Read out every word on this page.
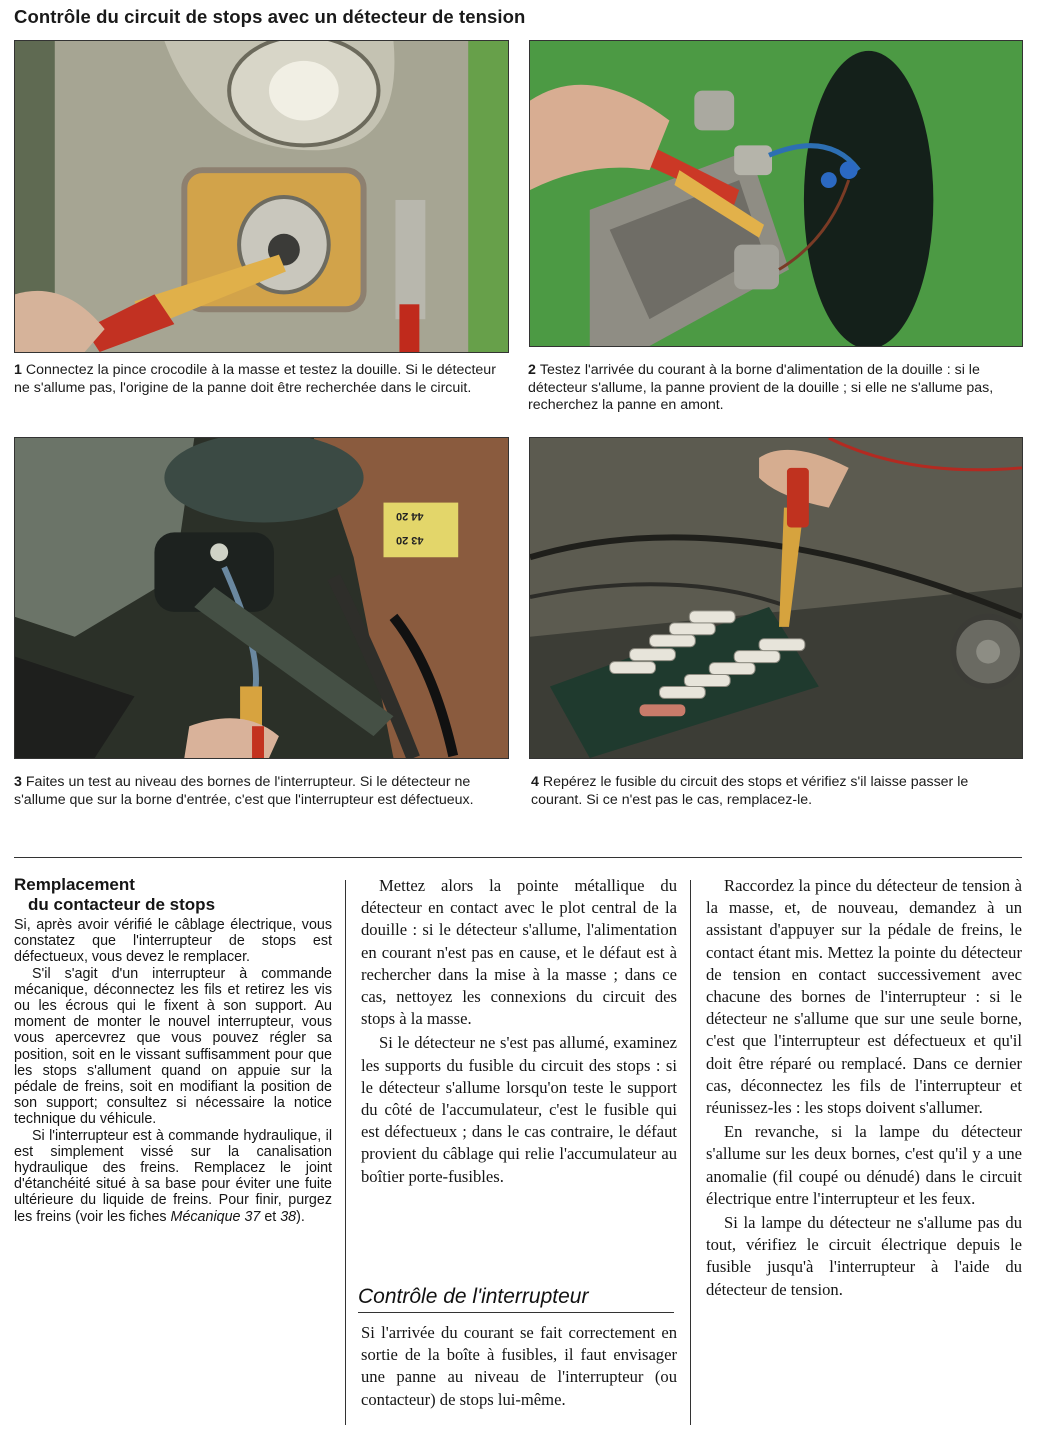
Contrôle du circuit de stops avec un détecteur de tension
1 Connectez la pince crocodile à la masse et testez la douille. Si le détecteur ne s'allume pas, l'origine de la panne doit être recherchée dans le circuit.
2 Testez l'arrivée du courant à la borne d'alimentation de la douille : si le détecteur s'allume, la panne provient de la douille ; si elle ne s'allume pas, recherchez la panne en amont.
44 20
43 20
3 Faites un test au niveau des bornes de l'interrupteur. Si le détecteur ne s'allume que sur la borne d'entrée, c'est que l'interrupteur est défectueux.
4 Repérez le fusible du circuit des stops et vérifiez s'il laisse passer le courant. Si ce n'est pas le cas, remplacez-le.
Remplacement
du contacteur de stops

Si, après avoir vérifié le câblage électrique, vous constatez que l'interrupteur de stops est défectueux, vous devez le remplacer.

S'il s'agit d'un interrupteur à commande mécanique, déconnectez les fils et retirez les vis ou les écrous qui le fixent à son support. Au moment de monter le nouvel interrupteur, vous vous apercevrez que vous pouvez régler sa position, soit en le vissant suffisamment pour que les stops s'allument quand on appuie sur la pédale de freins, soit en modifiant la position de son support; consultez si nécessaire la notice technique du véhicule.

Si l'interrupteur est à commande hydraulique, il est simplement vissé sur la canalisation hydraulique des freins. Remplacez le joint d'étanchéité situé à sa base pour éviter une fuite ultérieure du liquide de freins. Pour finir, purgez les freins (voir les fiches Mécanique 37 et 38).

Mettez alors la pointe métallique du détecteur en contact avec le plot central de la douille : si le détecteur s'allume, l'alimentation en courant n'est pas en cause, et le défaut est à rechercher dans la mise à la masse ; dans ce cas, nettoyez les connexions du circuit des stops à la masse.

Si le détecteur ne s'est pas allumé, examinez les supports du fusible du circuit des stops : si le détecteur s'allume lorsqu'on teste le support du côté de l'accumulateur, c'est le fusible qui est défectueux ; dans le cas contraire, le défaut provient du câblage qui relie l'accumulateur au boîtier porte-fusibles.

Contrôle de l'interrupteur

Si l'arrivée du courant se fait correctement en sortie de la boîte à fusibles, il faut envisager une panne au niveau de l'interrupteur (ou contacteur) de stops lui-même.

Raccordez la pince du détecteur de tension à la masse, et, de nouveau, demandez à un assistant d'appuyer sur la pédale de freins, le contact étant mis. Mettez la pointe du détecteur de tension en contact successivement avec chacune des bornes de l'interrupteur : si le détecteur ne s'allume que sur une seule borne, c'est que l'interrupteur est défectueux et qu'il doit être réparé ou remplacé. Dans ce dernier cas, déconnectez les fils de l'interrupteur et réunissez-les : les stops doivent s'allumer.

En revanche, si la lampe du détecteur s'allume sur les deux bornes, c'est qu'il y a une anomalie (fil coupé ou dénudé) dans le circuit électrique entre l'interrupteur et les feux.

Si la lampe du détecteur ne s'allume pas du tout, vérifiez le circuit électrique depuis le fusible jusqu'à l'interrupteur à l'aide du détecteur de tension.
